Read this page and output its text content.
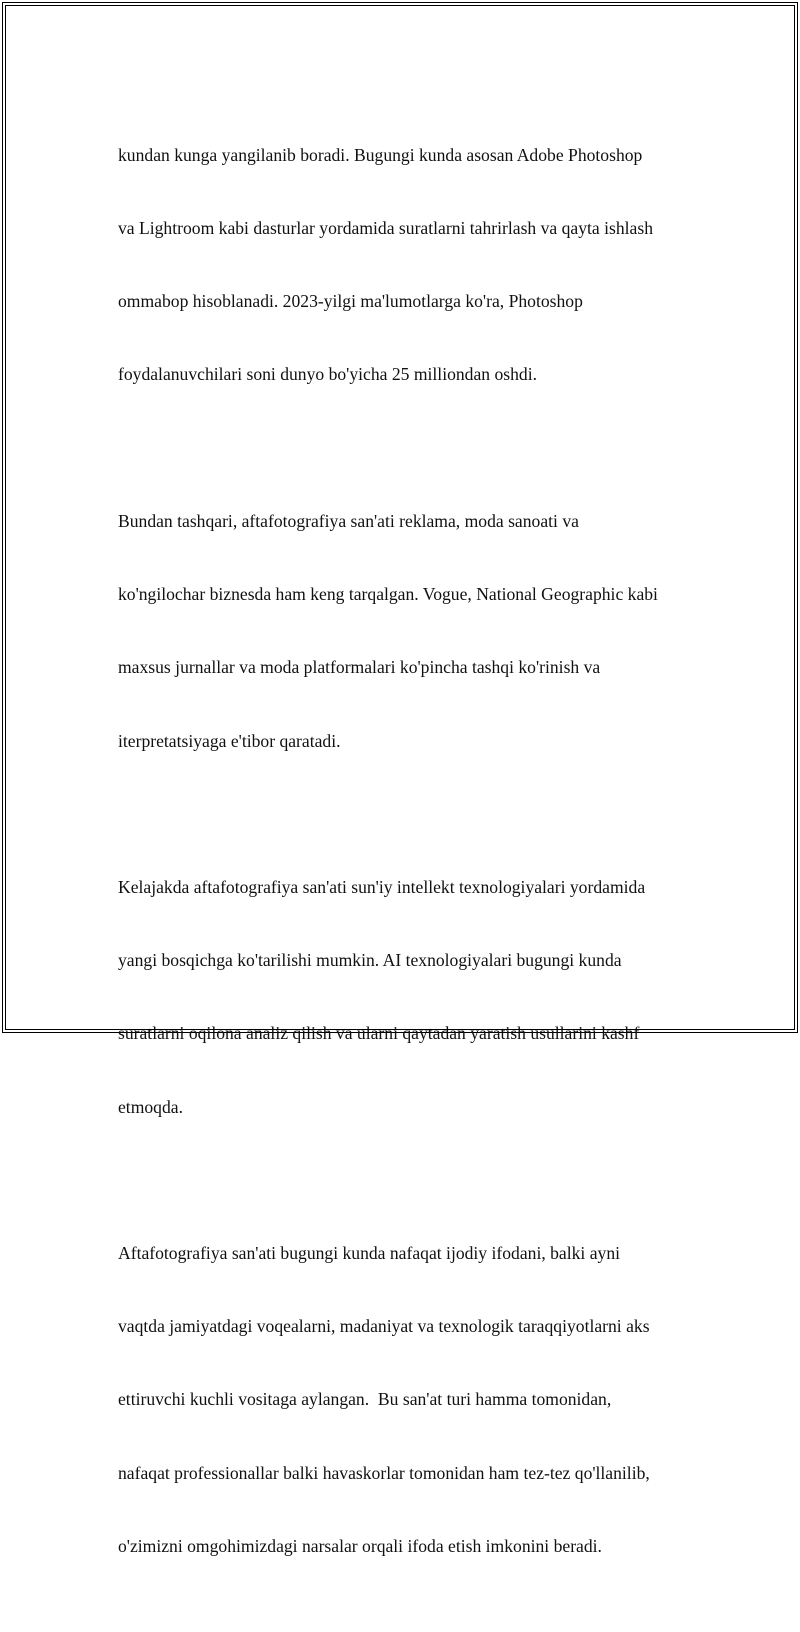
kundan kunga yangilanib boradi. Bugungi kunda asosan Adobe Photoshop

va Lightroom kabi dasturlar yordamida suratlarni tahrirlash va qayta ishlash

ommabop hisoblanadi. 2023-yilgi ma'lumotlarga ko'ra, Photoshop

foydalanuvchilari soni dunyo bo'yicha 25 milliondan oshdi.

Bundan tashqari, aftafotografiya san'ati reklama, moda sanoati va

ko'ngilochar biznesda ham keng tarqalgan. Vogue, National Geographic kabi

maxsus jurnallar va moda platformalari ko'pincha tashqi ko'rinish va

iterpretatsiyaga e'tibor qaratadi.

Kelajakda aftafotografiya san'ati sun'iy intellekt texnologiyalari yordamida

yangi bosqichga ko'tarilishi mumkin. AI texnologiyalari bugungi kunda

suratlarni oqilona analiz qilish va ularni qaytadan yaratish usullarini kashf

etmoqda.

Aftafotografiya san'ati bugungi kunda nafaqat ijodiy ifodani, balki ayni

vaqtda jamiyatdagi voqealarni, madaniyat va texnologik taraqqiyotlarni aks

ettiruvchi kuchli vositaga aylangan.  Bu san'at turi hamma tomonidan,

nafaqat professionallar balki havaskorlar tomonidan ham tez-tez qo'llanilib,

o'zimizni omgohimizdagi narsalar orqali ifoda etish imkonini beradi.
